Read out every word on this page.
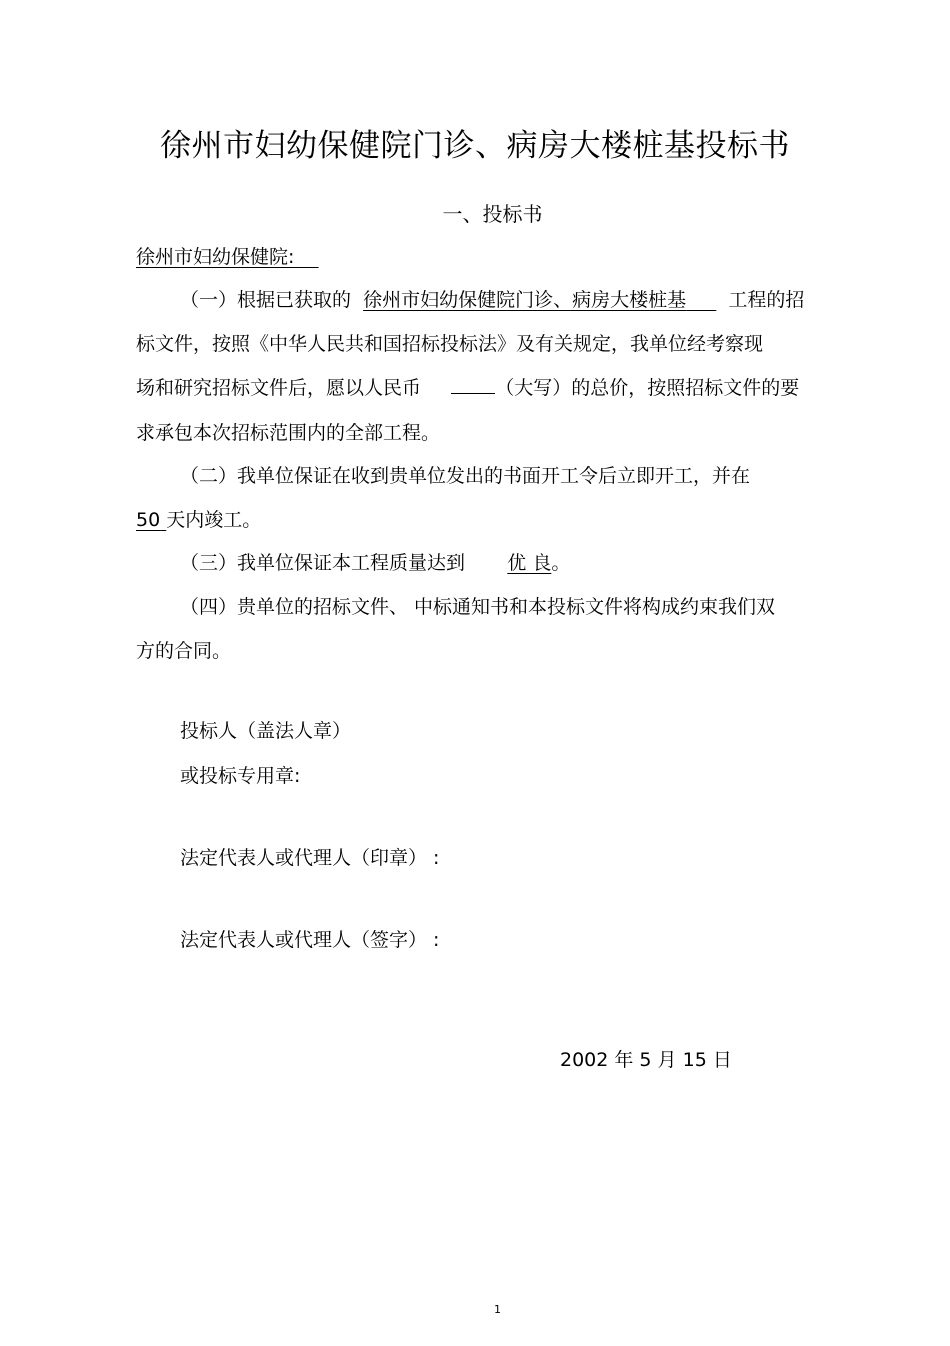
徐州市妇幼保健院门诊、病房大楼桩基投标书
一、投标书
徐州市妇幼保健院:
（一）根据已获取的 徐州市妇幼保健院门诊、病房大楼桩基 工程的招
标文件，按照《中华人民共和国招标投标法》及有关规定，我单位经考察现
场和研究招标文件后，愿以人民币	（大写）的总价，按照招标文件的要
求承包本次招标范围内的全部工程。
（二）我单位保证在收到贵单位发出的书面开工令后立即开工，并在
50 天内竣工。
（三）我单位保证本工程质量达到 优 良。
（四）贵单位的招标文件、 中标通知书和本投标文件将构成约束我们双
方的合同。
投标人（盖法人章）
或投标专用章:
法定代表人或代理人（印章） :
法定代表人或代理人（签字） :
2002 年 5 月 15 日
1
